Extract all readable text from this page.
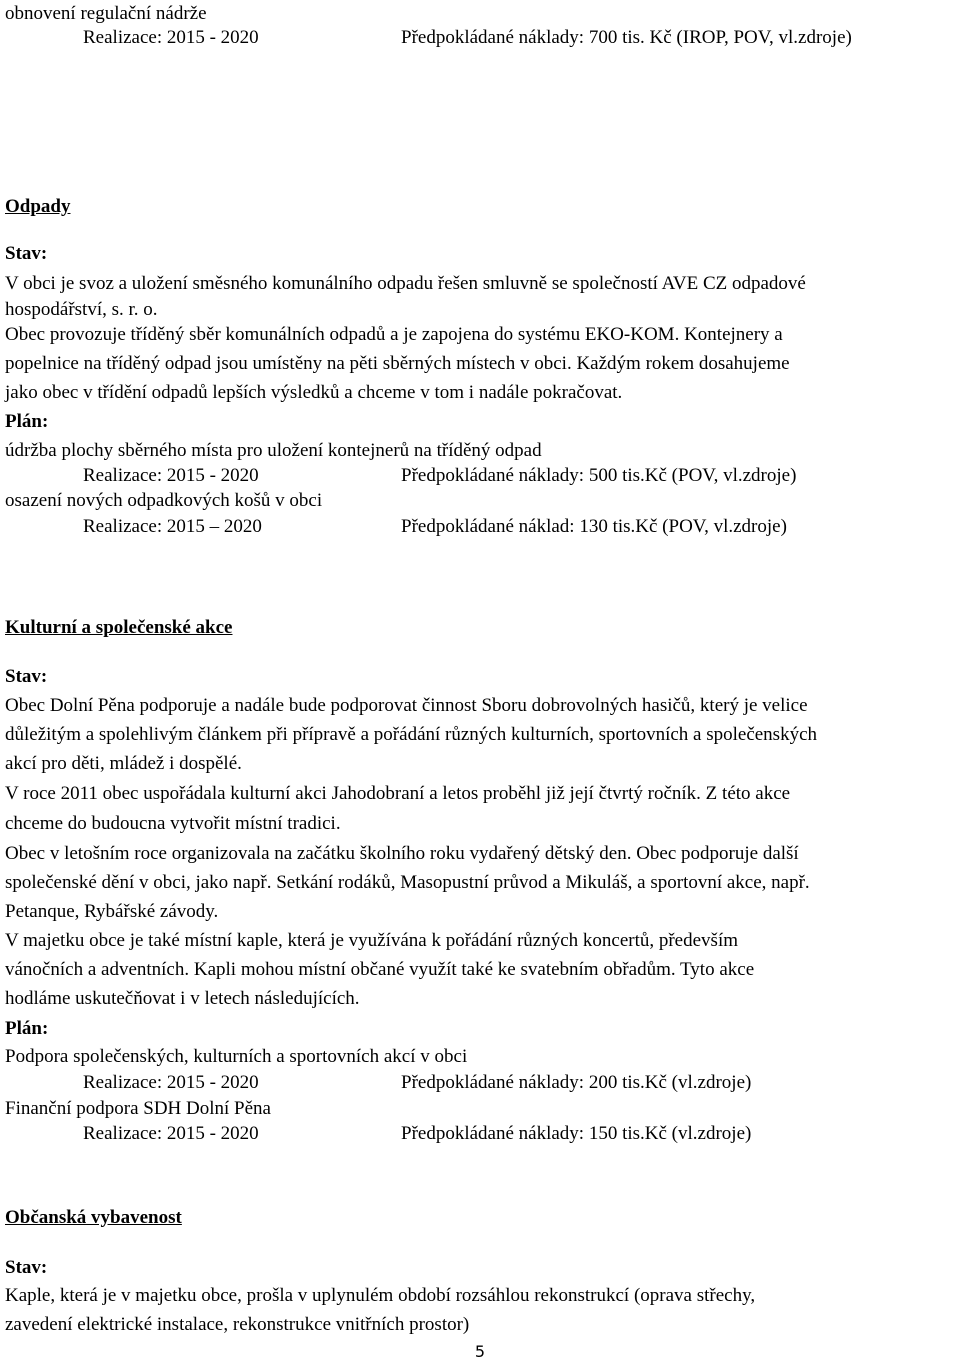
obnovení regulační nádrže
Realizace: 2015 - 2020	Předpokládané náklady: 700 tis. Kč (IROP, POV, vl.zdroje)
Odpady
Stav:
V obci je svoz a uložení směsného komunálního odpadu řešen smluvně se společností AVE CZ odpadové
hospodářství, s. r. o.
Obec provozuje tříděný sběr komunálních odpadů a je zapojena do systému EKO-KOM. Kontejnery a
popelnice na tříděný odpad jsou umístěny na pěti sběrných místech v obci. Každým rokem dosahujeme
jako obec v třídění odpadů lepších výsledků a chceme v tom i nadále pokračovat.
Plán:
údržba plochy sběrného místa pro uložení kontejnerů na tříděný odpad
Realizace: 2015 - 2020	Předpokládané náklady: 500 tis.Kč (POV, vl.zdroje)
osazení nových odpadkových košů v obci
Realizace: 2015 – 2020	Předpokládané náklad: 130 tis.Kč (POV, vl.zdroje)
Kulturní a společenské akce
Stav:
Obec Dolní Pěna podporuje a nadále bude podporovat činnost Sboru dobrovolných hasičů, který je velice
důležitým a spolehlivým článkem při přípravě a pořádání různých kulturních, sportovních a společenských
akcí pro děti, mládež i dospělé.
V roce 2011 obec uspořádala kulturní akci Jahodobraní a letos proběhl již její čtvrtý ročník. Z této akce
chceme do budoucna vytvořit místní tradici.
Obec v letošním roce organizovala na začátku školního roku vydařený dětský den. Obec podporuje další
společenské dění v obci, jako např. Setkání rodáků, Masopustní průvod a Mikuláš, a sportovní akce, např.
Petanque, Rybářské závody.
V majetku obce je také místní kaple, která je využívána k pořádání různých koncertů, především
vánočních a adventních. Kapli mohou místní občané využít také ke svatebním obřadům. Tyto akce
hodláme uskutečňovat i v letech následujících.
Plán:
Podpora společenských, kulturních a sportovních akcí v obci
Realizace: 2015 - 2020	Předpokládané náklady: 200 tis.Kč (vl.zdroje)
Finanční podpora SDH Dolní Pěna
Realizace: 2015 - 2020	Předpokládané náklady: 150 tis.Kč (vl.zdroje)
Občanská vybavenost
Stav:
Kaple, která je v majetku obce, prošla v uplynulém období rozsáhlou rekonstrukcí (oprava střechy,
zavedení elektrické instalace, rekonstrukce vnitřních prostor)
5
